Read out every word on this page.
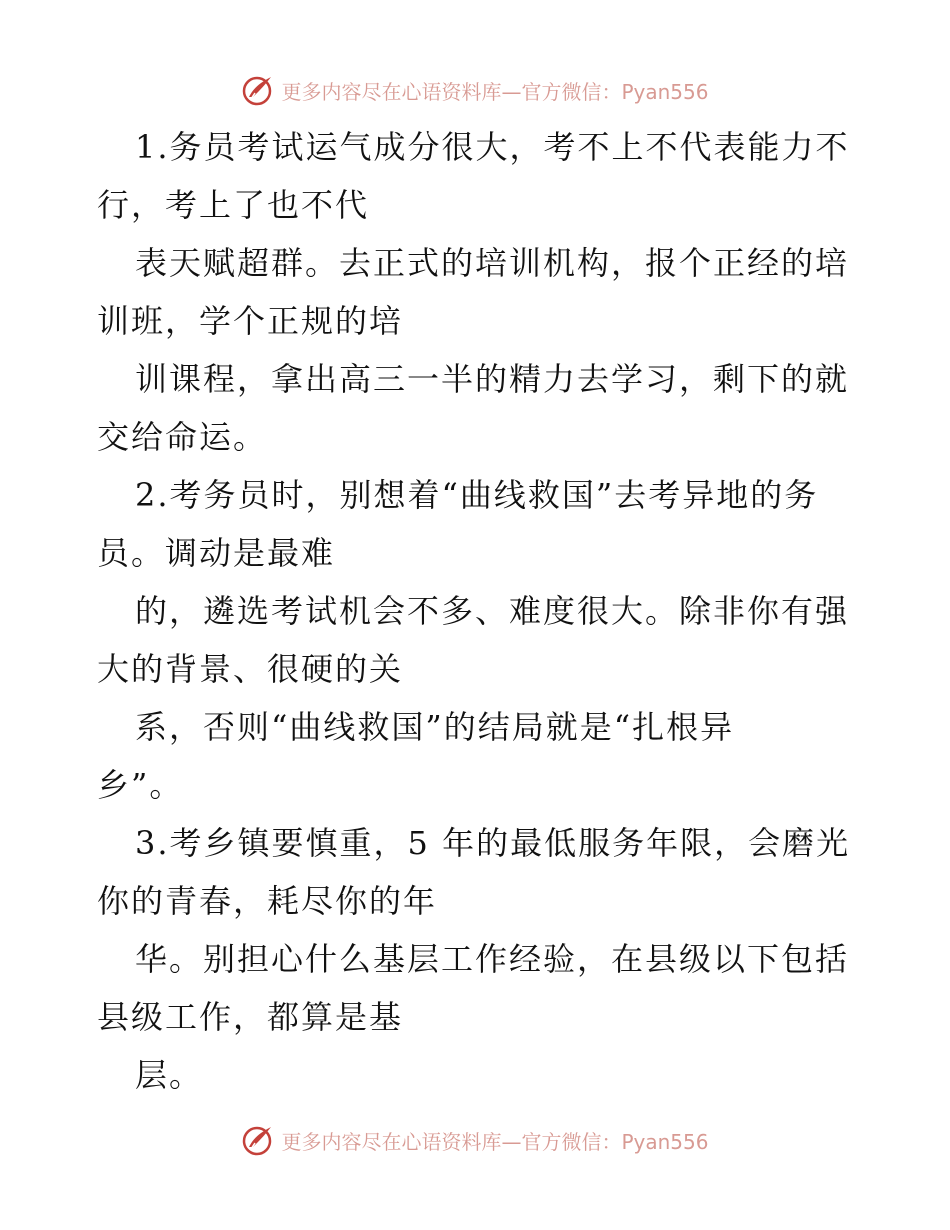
更多内容尽在心语资料库—官方微信：Pyan556
1.务员考试运气成分很大，考不上不代表能力不
行，考上了也不代
表天赋超群。去正式的培训机构，报个正经的培
训班，学个正规的培
训课程，拿出高三一半的精力去学习，剩下的就
交给命运。
2.考务员时，别想着“曲线救国”去考异地的务
员。调动是最难
的，遴选考试机会不多、难度很大。除非你有强
大的背景、很硬的关
系，否则“曲线救国”的结局就是“扎根异
乡”。
3.考乡镇要慎重，5 年的最低服务年限，会磨光
你的青春，耗尽你的年
华。别担心什么基层工作经验，在县级以下包括
县级工作，都算是基
层。
更多内容尽在心语资料库—官方微信：Pyan556
